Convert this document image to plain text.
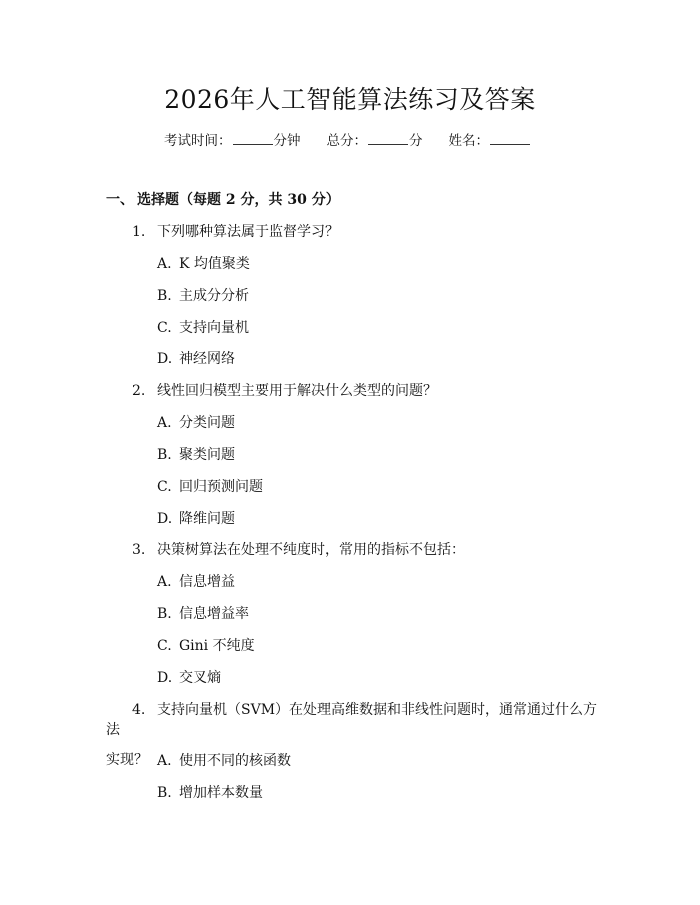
2026年人工智能算法练习及答案
考试时间：	分钟 总分：	分 姓名：
一、 选择题（每题 2 分，共 30 分）
1. 下列哪种算法属于监督学习？
A. K 均值聚类
B. 主成分分析
C. 支持向量机
D. 神经网络
2. 线性回归模型主要用于解决什么类型的问题？
A. 分类问题
B. 聚类问题
C. 回归预测问题
D. 降维问题
3. 决策树算法在处理不纯度时，常用的指标不包括：
A. 信息增益
B. 信息增益率
C. Gini 不纯度
D. 交叉熵
4. 支持向量机（SVM）在处理高维数据和非线性问题时，通常通过什么方法
实现？ A. 使用不同的核函数
B. 增加样本数量
